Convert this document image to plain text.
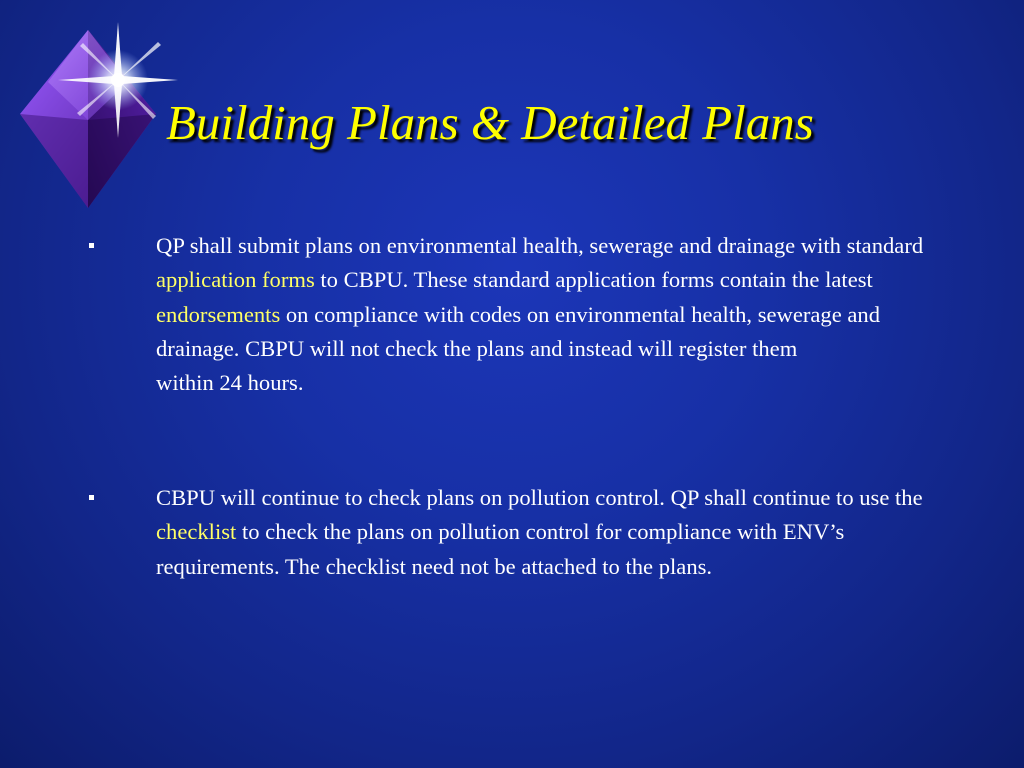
Building Plans & Detailed Plans
QP shall submit plans on environmental health, sewerage and drainage with standard application forms to CBPU. These standard application forms contain the latest endorsements on compliance with codes on environmental health, sewerage and drainage. CBPU will not check the plans and instead will register them
within 24 hours.
CBPU will continue to check plans on pollution control. QP shall continue to use the checklist to check the plans on pollution control for compliance with ENV’s requirements. The checklist need not be attached to the plans.
